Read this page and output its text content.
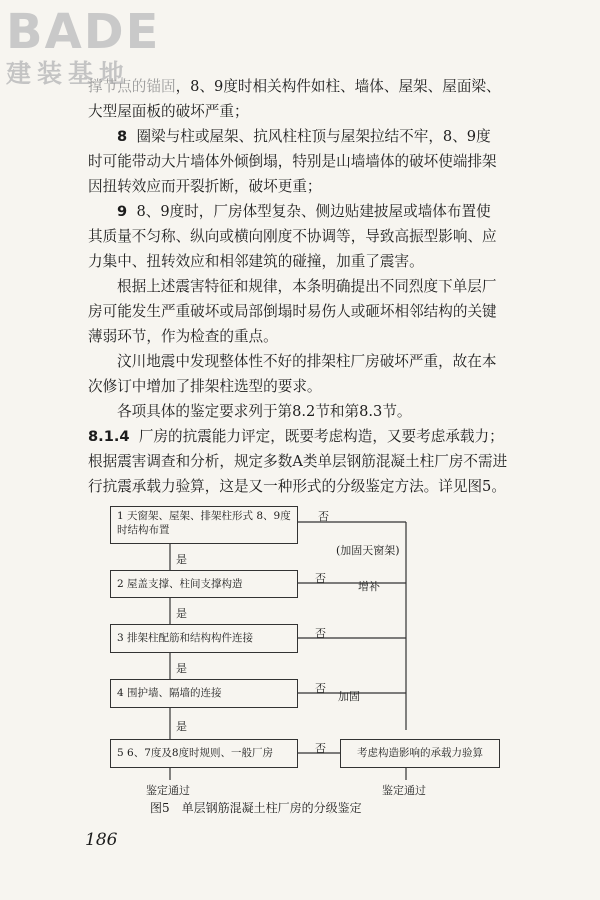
BADE
建装基地
撑节点的锚固，8、9度时相关构件如柱、墙体、屋架、屋面梁、
大型屋面板的破坏严重；
8 圈梁与柱或屋架、抗风柱柱顶与屋架拉结不牢，8、9度
时可能带动大片墙体外倾倒塌，特别是山墙墙体的破坏使端排架
因扭转效应而开裂折断，破坏更重；
9 8、9度时，厂房体型复杂、侧边贴建披屋或墙体布置使
其质量不匀称、纵向或横向刚度不协调等，导致高振型影响、应
力集中、扭转效应和相邻建筑的碰撞，加重了震害。
根据上述震害特征和规律，本条明确提出不同烈度下单层厂
房可能发生严重破坏或局部倒塌时易伤人或砸坏相邻结构的关键
薄弱环节，作为检查的重点。
汶川地震中发现整体性不好的排架柱厂房破坏严重，故在本
次修订中增加了排架柱选型的要求。
各项具体的鉴定要求列于第8.2节和第8.3节。
8.1.4 厂房的抗震能力评定，既要考虑构造，又要考虑承载力；
根据震害调查和分析，规定多数A类单层钢筋混凝土柱厂房不需进
行抗震承载力验算，这是又一种形式的分级鉴定方法。详见图5。
1 天窗架、屋架、排架柱形式 8、9度时结构布置
2 屋盖支撑、柱间支撑构造
3 排架柱配筋和结构构件连接
4 围护墙、隔墙的连接
5 6、7度及8度时规则、一般厂房	考虑构造影响的承载力验算
是
是
是
是
否
否
否
否
否
(加固天窗架)
增补
加固
鉴定通过	鉴定通过
图5　单层钢筋混凝土柱厂房的分级鉴定
186
